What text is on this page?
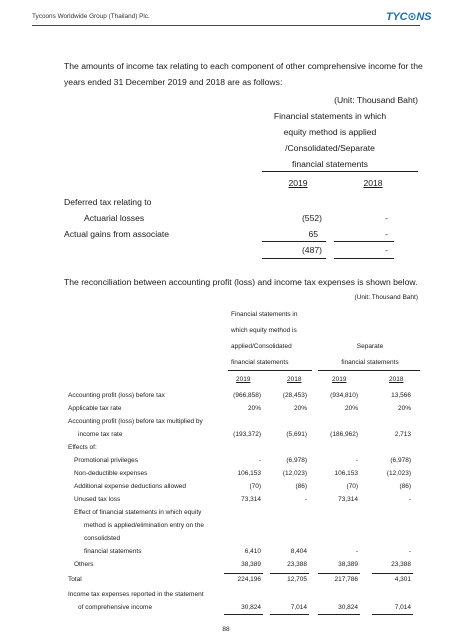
Tycoons Worldwide Group (Thailand) Plc.	TYC⊙NS
The amounts of income tax relating to each component of other comprehensive income for the
years ended 31 December 2019 and 2018 are as follows:
(Unit: Thousand Baht)
Financial statements in which
equity method is applied
/Consolidated/Separate
financial statements
2019	2018
Deferred tax relating to
Actuarial losses	(552)	-
Actual gains from associate	65	-
(487)	-
The reconciliation between accounting profit (loss) and income tax expenses is shown below.
(Unit: Thousand Baht)
Financial statements in
which equity method is
applied/Consolidated
financial statements
Separate
financial statements
2019	2018	2019	2018
Accounting profit (loss) before tax	(966,858)	(28,453)	(934,810)	13,566
Applicable tax rate	20%	20%	20%	20%
Accounting profit (loss) before tax multiplied by
income tax rate	(193,372)	(5,691)	(186,962)	2,713
Effects of:
Promotional privileges	-	(6,978)	-	(6,978)
Non-deductible expenses	106,153	(12,023)	106,153	(12,023)
Additional expense deductions allowed	(70)	(86)	(70)	(86)
Unused tax loss	73,314	-	73,314	-
Effect of financial statements in which equity
method is applied/elimination entry on the
consolidsted
financial statements	6,410	8,404	-	-
Others	38,389	23,388	38,389	23,388
Total	224,196	12,705	217,786	4,301
Income tax expenses reported in the statement
88
of comprehensive income	30,824	7,014	30,824	7,014
